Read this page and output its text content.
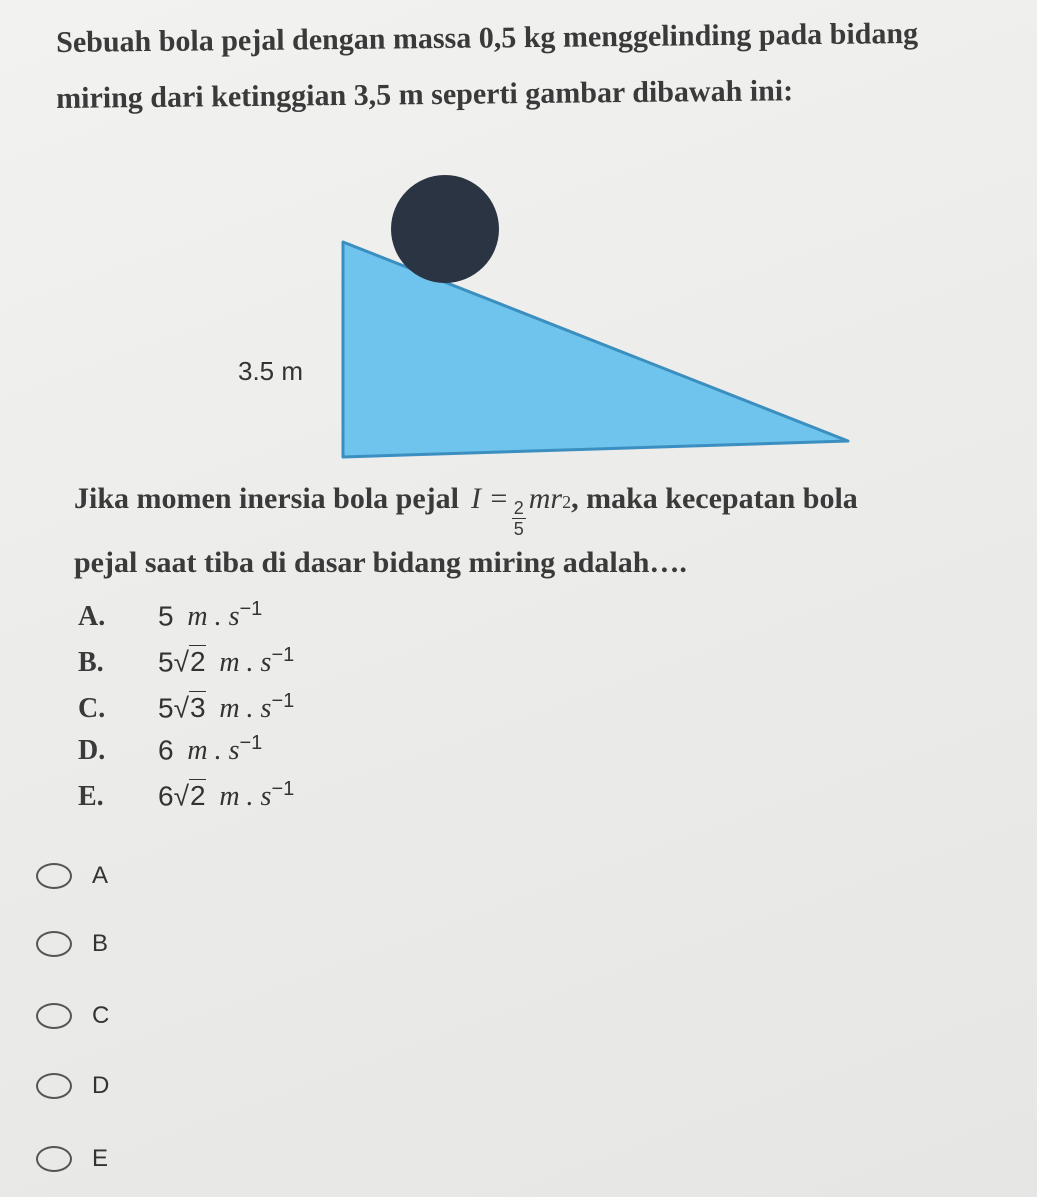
Sebuah bola pejal dengan massa 0,5 kg menggelinding pada bidang
miring dari ketinggian 3,5 m seperti gambar dibawah ini:
3.5 m
Jika momen inersia bola pejal $I = \frac{2}{5}$ mr 2 , maka kecepatan bola
pejal saat tiba di dasar bidang miring adalah….
A.	5 m . $s^{-1}$
B.	5√2 m . $s^{-1}$
C.	5√3 m . $s^{-1}$
D.	6 m . $s^{-1}$
E.	6√2 m . $s^{-1}$
A
B
C
D
E
